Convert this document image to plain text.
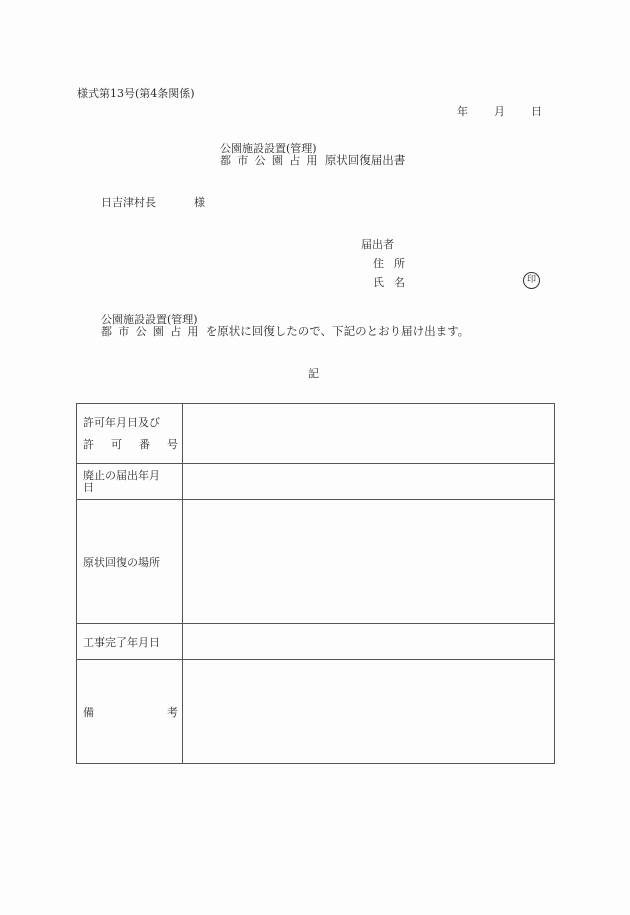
様式第13号(第4条関係)
年 月 日
公園施設設置(管理)
都市公園占用 原状回復届出書
日吉津村長	様
届出者
住所
氏名	印
公園施設設置(管理)
都市公園占用 を原状に回復したので、下記のとおり届け出ます。
記
許可年月日及び
許 可 番 号	

廃止の届出年月日	

原状回復の場所	

工事完了年月日	

備 考	
